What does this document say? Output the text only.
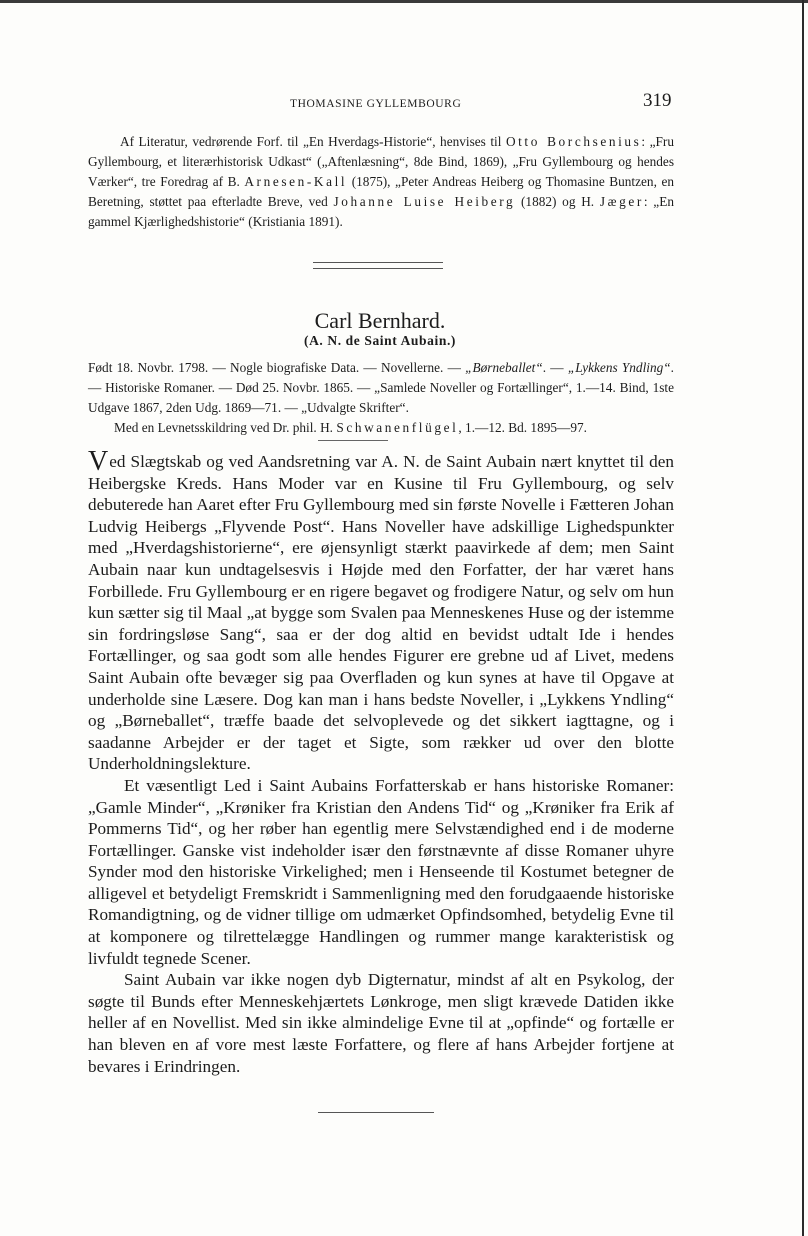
THOMASINE GYLLEMBOURG	319

Af Literatur, vedrørende Forf. til „En Hverdags-Historie“, henvises til Otto Borchsenius: „Fru Gyllembourg, et literærhistorisk Udkast“ („Aftenlæsning“, 8de Bind, 1869), „Fru Gyllembourg og hendes Værker“, tre Foredrag af B. Arnesen-Kall (1875), „Peter Andreas Heiberg og Thomasine Buntzen, en Beretning, støttet paa efterladte Breve, ved Johanne Luise Heiberg (1882) og H. Jæger: „En gammel Kjærlighedshistorie“ (Kristiania 1891).

Carl Bernhard.
(A. N. de Saint Aubain.)

Født 18. Novbr. 1798. — Nogle biografiske Data. — Novellerne. — „Børneballet“. — „Lykkens Yndling“. — Historiske Romaner. — Død 25. Novbr. 1865. — „Samlede Noveller og Fortællinger“, 1.—14. Bind, 1ste Udgave 1867, 2den Udg. 1869—71. — „Udvalgte Skrifter“.

Med en Levnetsskildring ved Dr. phil. H. Schwanenflügel, 1.—12. Bd. 1895—97.

Ved Slægtskab og ved Aandsretning var A. N. de Saint Aubain nært knyttet til den Heibergske Kreds. Hans Moder var en Kusine til Fru Gyllembourg, og selv debuterede han Aaret efter Fru Gyllembourg med sin første Novelle i Fætteren Johan Ludvig Heibergs „Flyvende Post“. Hans Noveller have adskillige Lighedspunkter med „Hverdagshistorierne“, ere øjensynligt stærkt paavirkede af dem; men Saint Aubain naar kun undtagelsesvis i Højde med den Forfatter, der har været hans Forbillede. Fru Gyllembourg er en rigere begavet og frodigere Natur, og selv om hun kun sætter sig til Maal „at bygge som Svalen paa Menneskenes Huse og der istemme sin fordringsløse Sang“, saa er der dog altid en bevidst udtalt Ide i hendes Fortællinger, og saa godt som alle hendes Figurer ere grebne ud af Livet, medens Saint Aubain ofte bevæger sig paa Overfladen og kun synes at have til Opgave at underholde sine Læsere. Dog kan man i hans bedste Noveller, i „Lykkens Yndling“ og „Børneballet“, træffe baade det selvoplevede og det sikkert iagttagne, og i saadanne Arbejder er der taget et Sigte, som rækker ud over den blotte Underholdningslekture.

Et væsentligt Led i Saint Aubains Forfatterskab er hans historiske Romaner: „Gamle Minder“, „Krøniker fra Kristian den Andens Tid“ og „Krøniker fra Erik af Pommerns Tid“, og her røber han egentlig mere Selvstændighed end i de moderne Fortællinger. Ganske vist indeholder især den førstnævnte af disse Romaner uhyre Synder mod den historiske Virkelighed; men i Henseende til Kostumet betegner de alligevel et betydeligt Fremskridt i Sammenligning med den forudgaaende historiske Romandigtning, og de vidner tillige om udmærket Opfindsomhed, betydelig Evne til at komponere og tilrettelægge Handlingen og rummer mange karakteristisk og livfuldt tegnede Scener.

Saint Aubain var ikke nogen dyb Digternatur, mindst af alt en Psykolog, der søgte til Bunds efter Menneskehjærtets Lønkroge, men sligt krævede Datiden ikke heller af en Novellist. Med sin ikke almindelige Evne til at „opfinde“ og fortælle er han bleven en af vore mest læste Forfattere, og flere af hans Arbejder fortjene at bevares i Erindringen.
